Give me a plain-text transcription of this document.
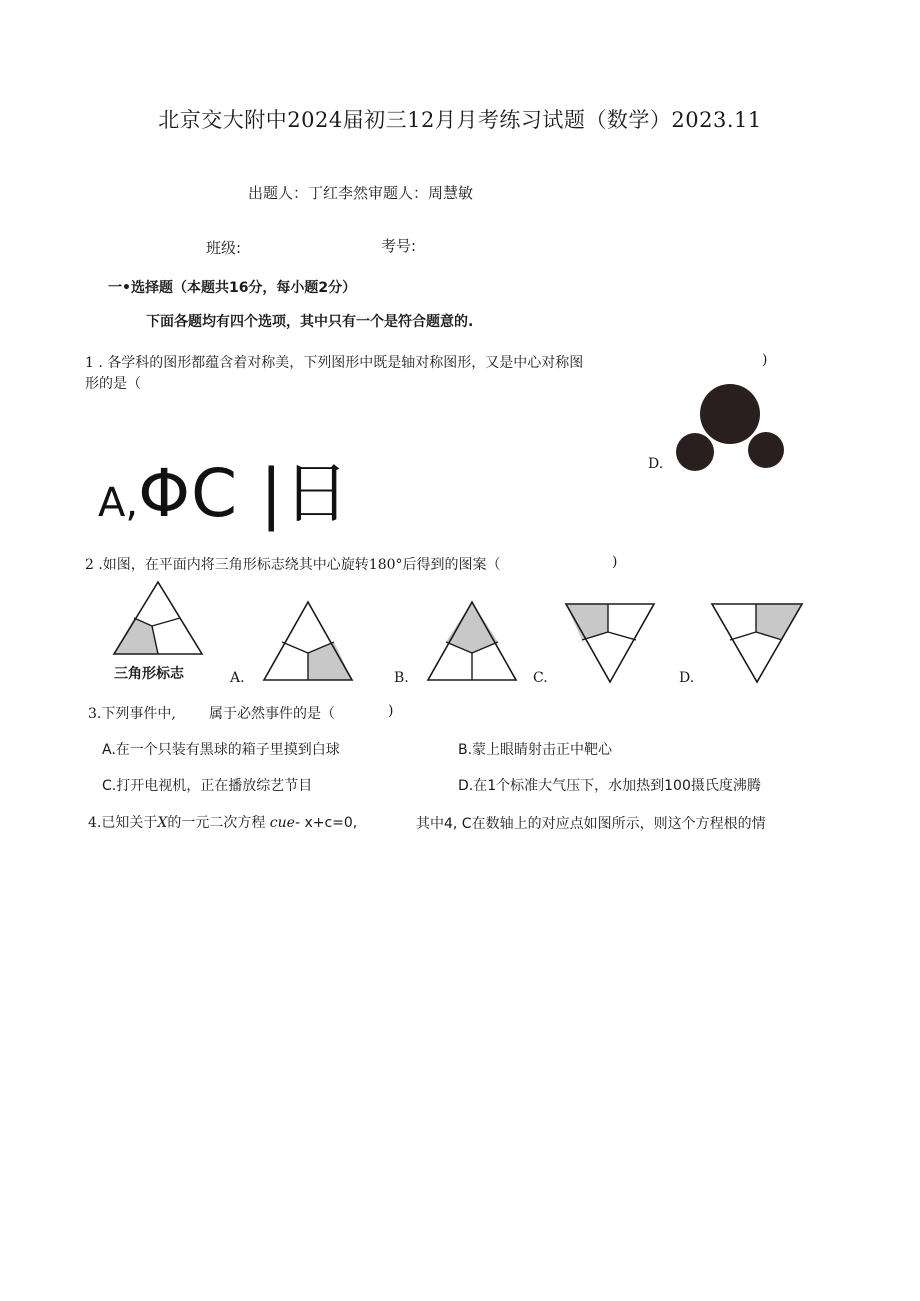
北京交大附中2024届初三12月月考练习试题（数学）2023.11
出题人：丁红李然审题人：周慧敏
班级:	考号:
一•选择题（本题共16分，每小题2分）
下面各题均有四个选项，其中只有一个是符合题意的.
1 . 各学科的图形都蕴含着对称美，下列图形中既是轴对称图形，又是中心对称图	)
形的是（
A,ΦC |日	D.
2 .如图，在平面内将三角形标志绕其中心旋转180°后得到的图案（	)
三角形标志	A.	B.	C.	D.
3.下列事件中, 属于必然事件的是（	)
A.在一个只装有黑球的箱子里摸到白球	B.蒙上眼睛射击正中靶心
C.打开电视机，正在播放综艺节目	D.在1个标准大气压下，水加热到100摄氏度沸腾
4.已知关于X的一元二次方程 cue- x+c=0,	其中4, C在数轴上的对应点如图所示，则这个方程根的情
